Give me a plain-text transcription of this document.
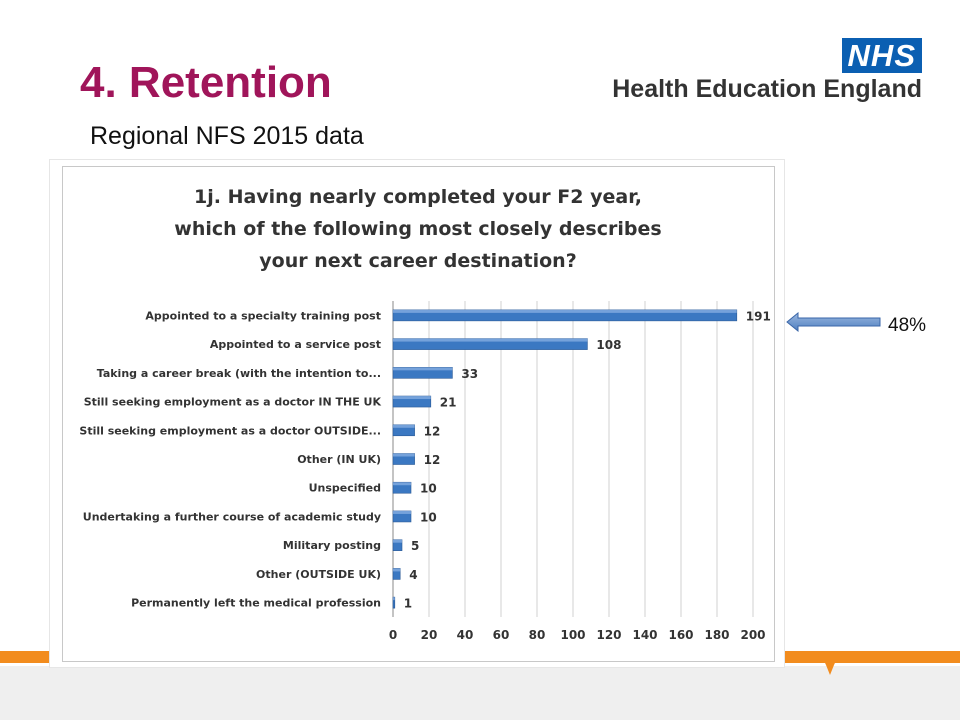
4. Retention
Regional NFS 2015 data
NHS
Health Education England
1j. Having nearly completed your F2 year,
which of the following most closely describes
your next career destination?
0 20 40 60 80 100 120 140 160 180 200
Appointed to a specialty training post	191
Appointed to a service post	108
Taking a career break (with the intention to...	33
Still seeking employment as a doctor IN THE UK	21
Still seeking employment as a doctor OUTSIDE...	12
Other (IN UK)	12
Unspecified	10
Undertaking a further course of academic study	10
Military posting	5
Other (OUTSIDE UK) 4
Permanently left the medical profession 1
48%
